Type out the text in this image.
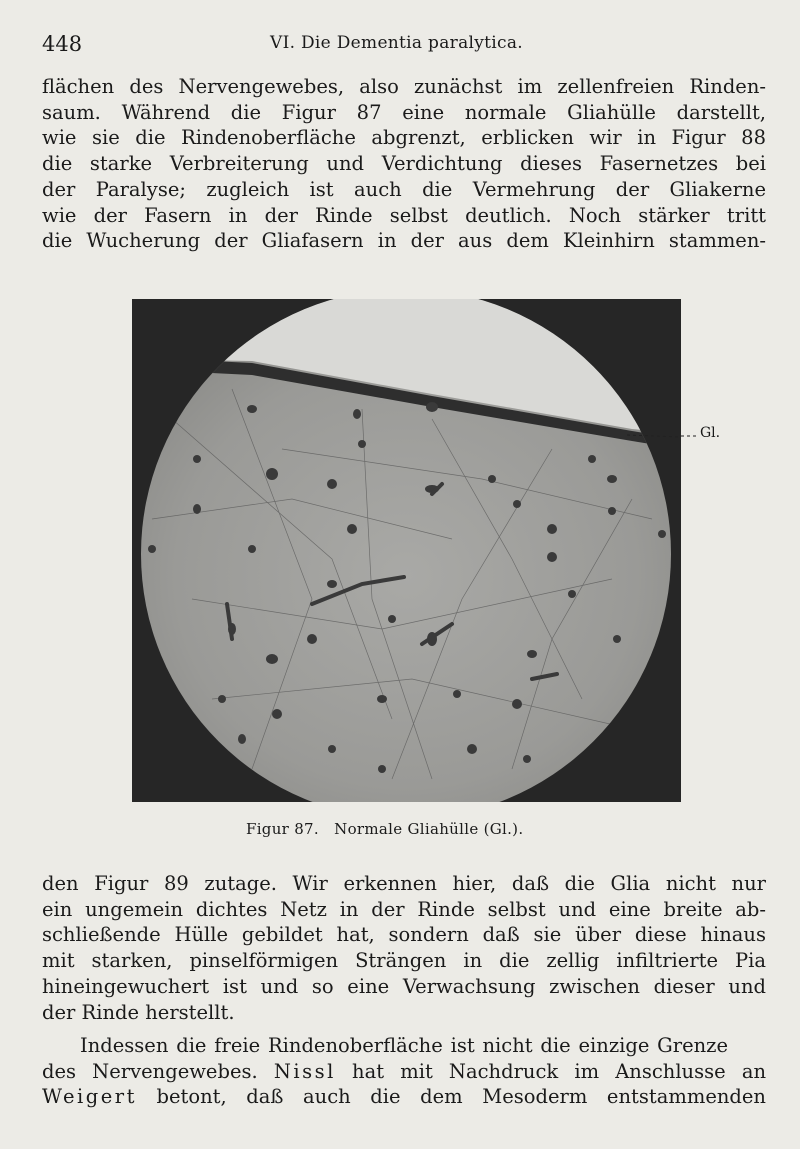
448	VI. Die Dementia paralytica.
flächen des Nervengewebes, also zunächst im zellenfreien Rinden-
saum. Während die Figur 87 eine normale Gliahülle darstellt,
wie sie die Rindenoberfläche abgrenzt, erblicken wir in Figur 88
die starke Verbreiterung und Verdichtung dieses Fasernetzes bei
der Paralyse; zugleich ist auch die Vermehrung der Gliakerne
wie der Fasern in der Rinde selbst deutlich. Noch stärker tritt
die Wucherung der Gliafasern in der aus dem Kleinhirn stammen-
Gl.
Figur 87.   Normale Gliahülle (Gl.).
den Figur 89 zutage. Wir erkennen hier, daß die Glia nicht nur
ein ungemein dichtes Netz in der Rinde selbst und eine breite ab-
schließende Hülle gebildet hat, sondern daß sie über diese hinaus
mit starken, pinselförmigen Strängen in die zellig infiltrierte Pia
hineingewuchert ist und so eine Verwachsung zwischen dieser und
der Rinde herstellt.
Indessen die freie Rindenoberfläche ist nicht die einzige Grenze
des Nervengewebes. Nissl hat mit Nachdruck im Anschlusse an
Weigert betont, daß auch die dem Mesoderm entstammenden
